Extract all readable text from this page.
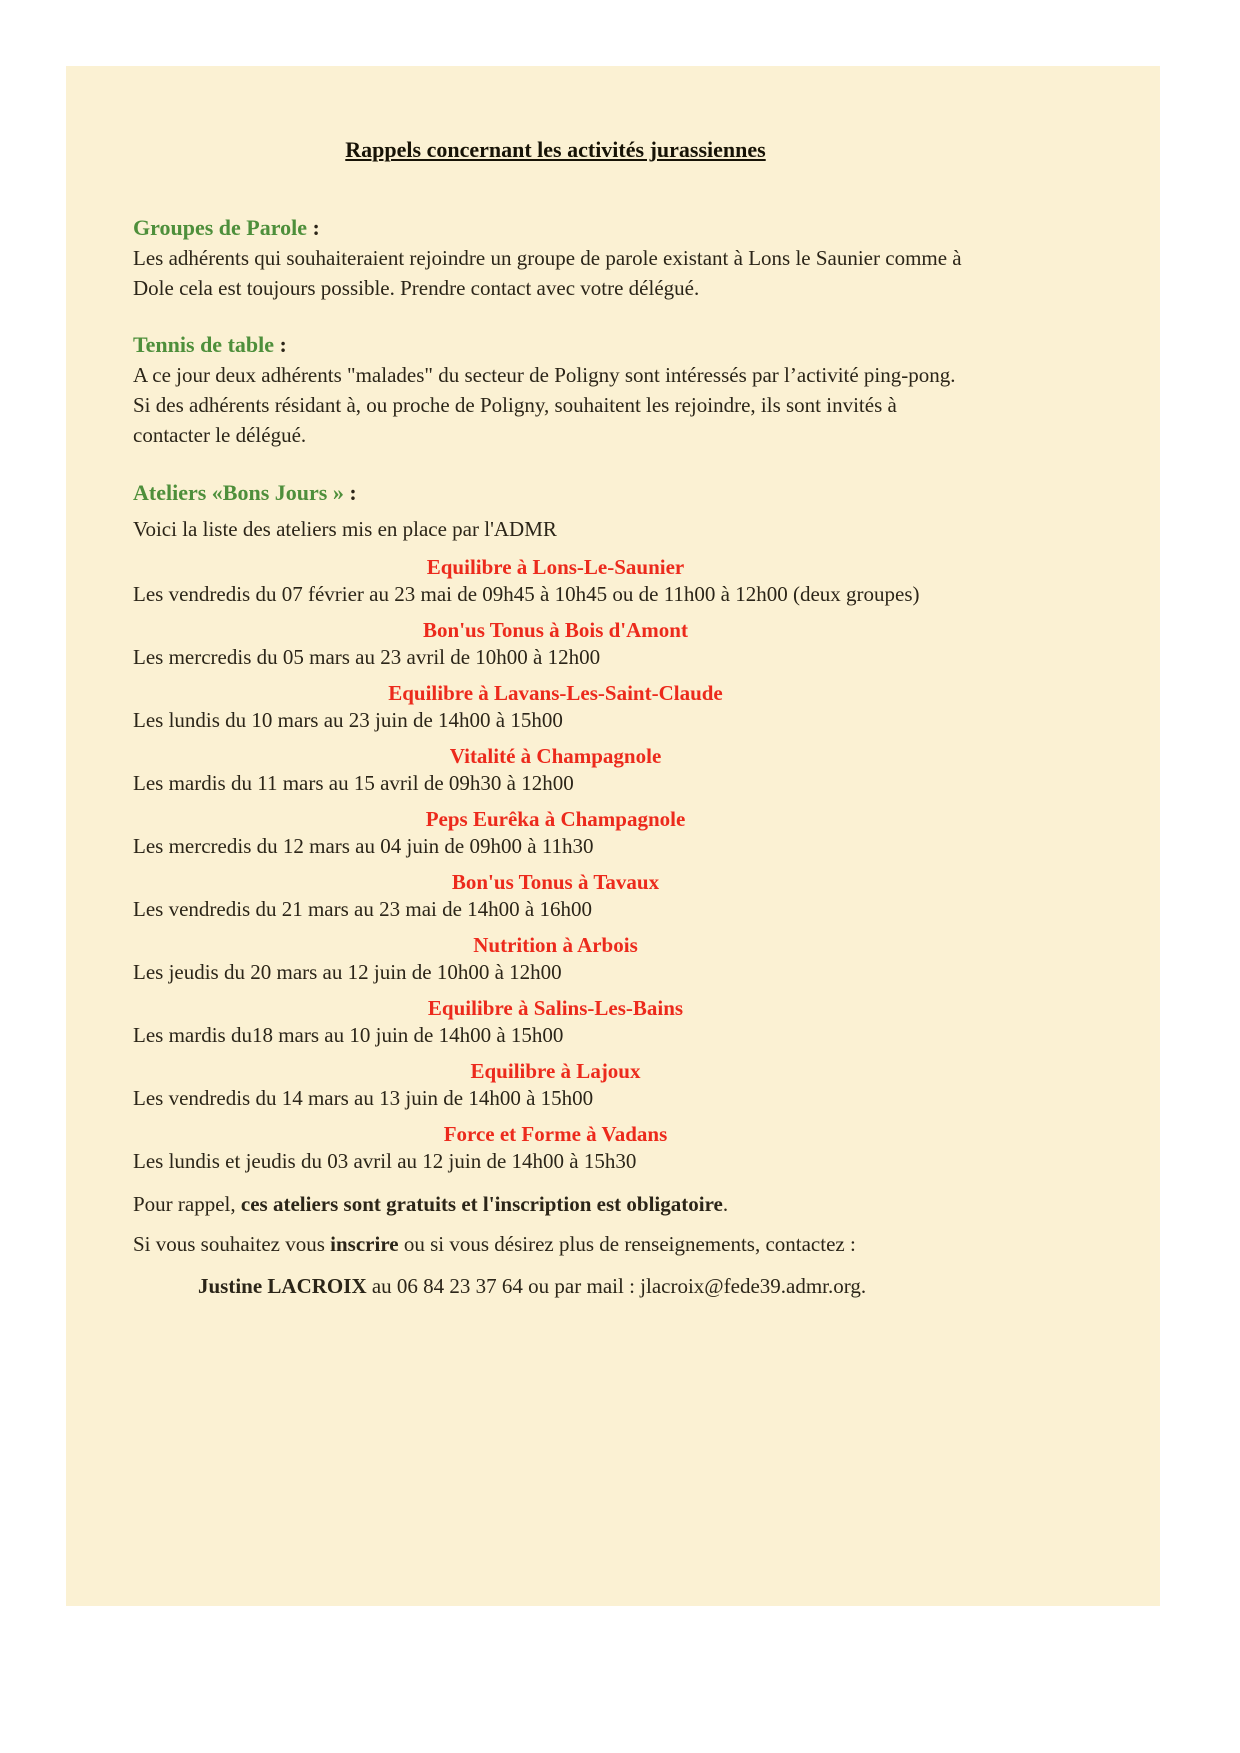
Rappels concernant les activités jurassiennes
Groupes de Parole :

Les adhérents qui souhaiteraient rejoindre un groupe de parole existant à Lons le Saunier comme à Dole cela est toujours possible. Prendre contact avec votre délégué.

Tennis de table :

A ce jour deux adhérents "malades" du secteur de Poligny sont intéressés par l’activité ping-pong.

Si des adhérents résidant à, ou proche de Poligny, souhaitent les rejoindre, ils sont invités à contacter le délégué.

Ateliers «Bons Jours » :

Voici la liste des ateliers mis en place par l'ADMR

Equilibre à Lons-Le-Saunier
Les vendredis du 07 février au 23 mai de 09h45 à 10h45 ou de 11h00 à 12h00 (deux groupes)
Bon'us Tonus à Bois d'Amont
Les mercredis du 05 mars au 23 avril de 10h00 à 12h00
Equilibre à Lavans-Les-Saint-Claude
Les lundis du 10 mars au 23 juin de 14h00 à 15h00
Vitalité à Champagnole
Les mardis du 11 mars au 15 avril de 09h30 à 12h00
Peps Eurêka à Champagnole
Les mercredis du 12 mars au 04 juin de 09h00 à 11h30
Bon'us Tonus à Tavaux
Les vendredis du 21 mars au 23 mai de 14h00 à 16h00
Nutrition à Arbois
Les jeudis du 20 mars au 12 juin de 10h00 à 12h00
Equilibre à Salins-Les-Bains
Les mardis du18 mars au 10 juin de 14h00 à 15h00
Equilibre à Lajoux
Les vendredis du 14 mars au 13 juin de 14h00 à 15h00
Force et Forme à Vadans
Les lundis et jeudis du 03 avril au 12 juin de 14h00 à 15h30

Pour rappel, ces ateliers sont gratuits et l'inscription est obligatoire.

Si vous souhaitez vous inscrire ou si vous désirez plus de renseignements, contactez :

Justine LACROIX au 06 84 23 37 64 ou par mail : jlacroix@fede39.admr.org.
